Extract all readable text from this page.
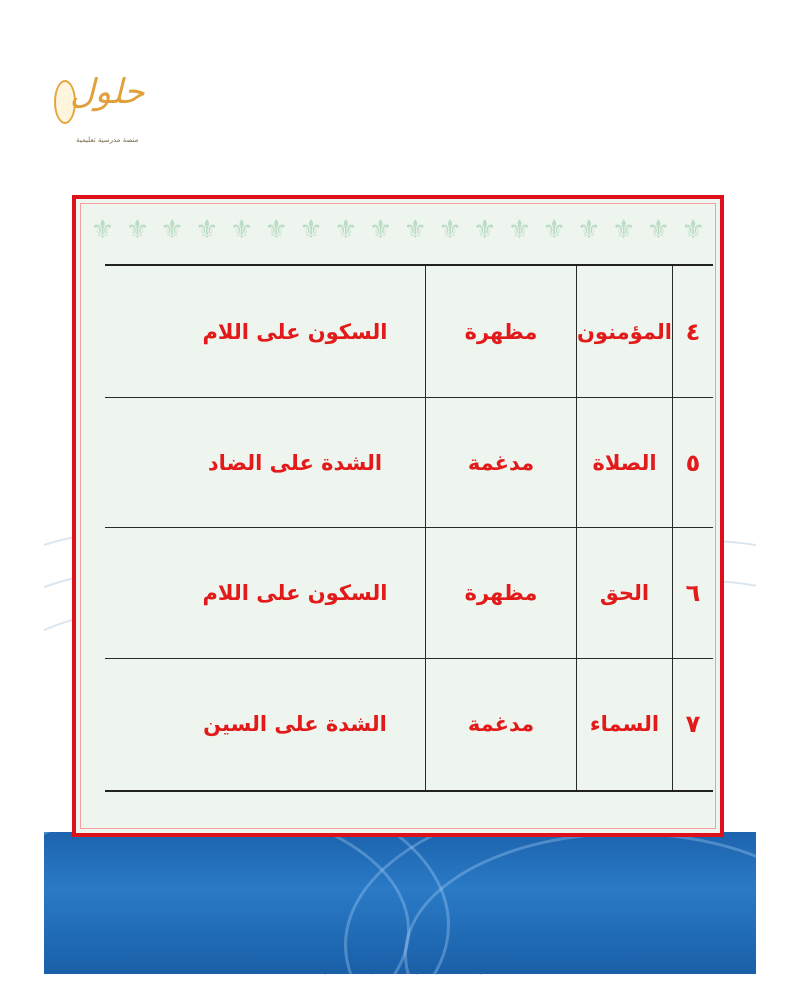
حلول
منصة مدرسية تعليمية
⚜ ⚜ ⚜ ⚜ ⚜ ⚜ ⚜ ⚜ ⚜ ⚜ ⚜ ⚜ ⚜ ⚜ ⚜ ⚜ ⚜ ⚜
٤	المؤمنون	مظهرة	السكون على اللام
٥	الصلاة	مدغمة	الشدة على الضاد
٦	الحق	مظهرة	السكون على اللام
٧	السماء	مدغمة	الشدة على السين
